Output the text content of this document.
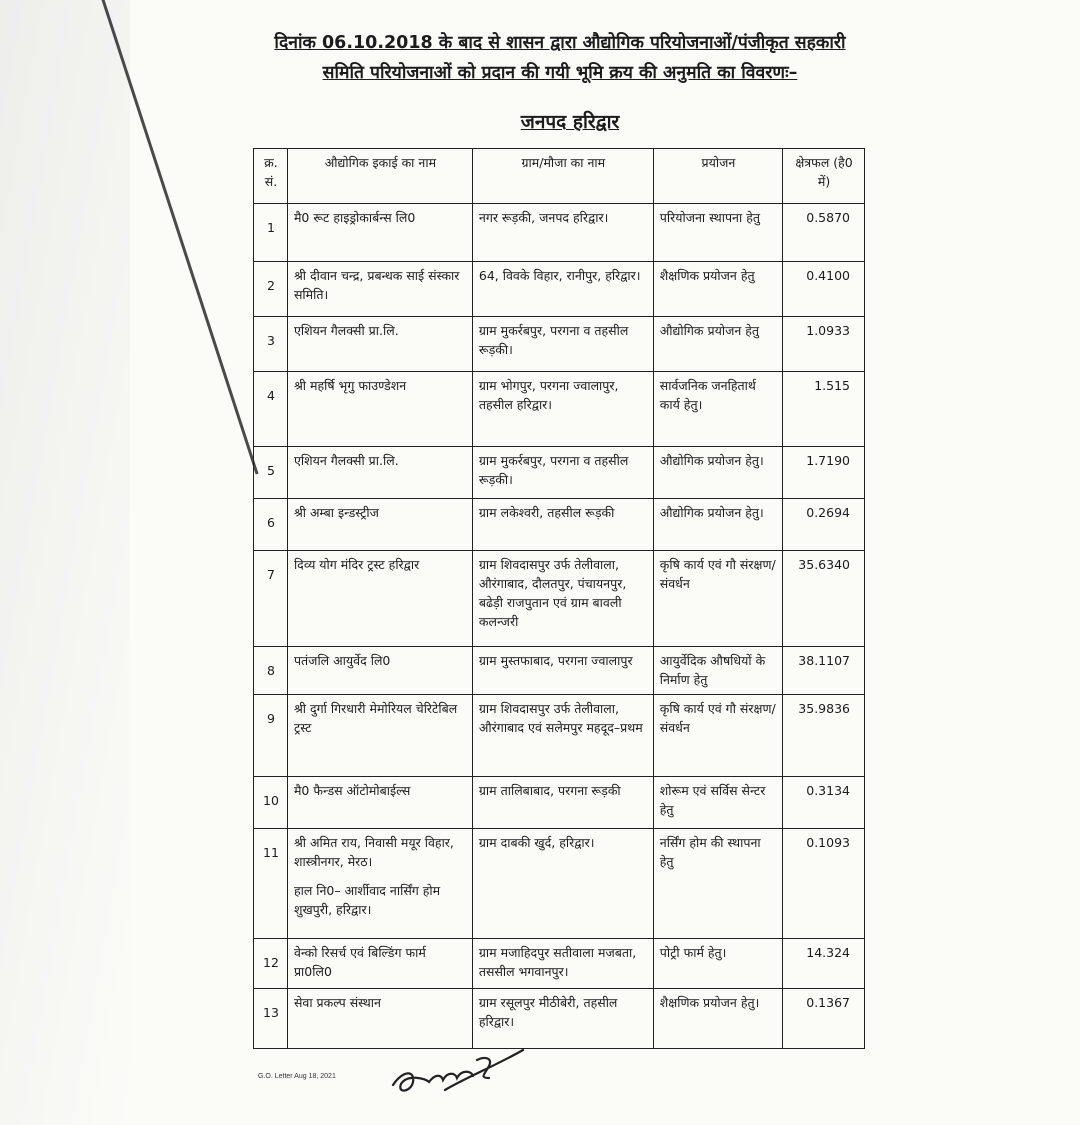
दिनांक 06.10.2018 के बाद से शासन द्वारा औद्योगिक परियोजनाओं/पंजीकृत सहकारी
समिति परियोजनाओं को प्रदान की गयी भूमि क्रय की अनुमति का विवरणः–
जनपद हरिद्वार
क्र. सं.	औद्योगिक इकाई का नाम	ग्राम/मौजा का नाम	प्रयोजन	क्षेत्रफल (है0 में)
1	मै0 रूट हाइड्रोकार्बन्स लि0	नगर रूड़की, जनपद हरिद्वार।	परियोजना स्थापना हेतु	0.5870
2	श्री दीवान चन्द्र, प्रबन्धक साई संस्कार समिति।	64, विवके विहार, रानीपुर, हरिद्वार।	शैक्षणिक प्रयोजन हेतु	0.4100
3	एशियन गैलक्सी प्रा.लि.	ग्राम मुकर्रबपुर, परगना व तहसील रूड़की।	औद्योगिक प्रयोजन हेतु	1.0933
4	श्री महर्षि भृगु फाउण्डेशन	ग्राम भोगपुर, परगना ज्वालापुर, तहसील हरिद्वार।	सार्वजनिक जनहितार्थ कार्य हेतु।	1.515
5	एशियन गैलक्सी प्रा.लि.	ग्राम मुकर्रबपुर, परगना व तहसील रूड़की।	औद्योगिक प्रयोजन हेतु।	1.7190
6	श्री अम्बा इन्डस्ट्रीज	ग्राम लकेश्वरी, तहसील रूड़की	औद्योगिक प्रयोजन हेतु।	0.2694
7	दिव्य योग मंदिर ट्रस्ट हरिद्वार	ग्राम शिवदासपुर उर्फ तेलीवाला, औरंगाबाद, दौलतपुर, पंचायनपुर, बढेड़ी राजपुतान एवं ग्राम बावली कलन्जरी	कृषि कार्य एवं गौ संरक्षण/संवर्धन	35.6340
8	पतंजलि आयुर्वेद लि0	ग्राम मुस्तफाबाद, परगना ज्वालापुर	आयुर्वेदिक औषधियों के निर्माण हेतु	38.1107
9	श्री दुर्गा गिरधारी मेमोरियल चेरिटेबिल ट्रस्ट	ग्राम शिवदासपुर उर्फ तेलीवाला, औरंगाबाद एवं सलेमपुर महदूद–प्रथम	कृषि कार्य एवं गौ संरक्षण/संवर्धन	35.9836
10	मै0 फैन्डस ऑटोमोबाईल्स	ग्राम तालिबाबाद, परगना रूड़की	शोरूम एवं सर्विस सेन्टर हेतु	0.3134
11	श्री अमित राय, निवासी मयूर विहार, शास्त्रीनगर, मेरठ।
हाल नि0– आर्शीवाद नार्सिंग होम शुखपुरी, हरिद्वार।	ग्राम दाबकी खुर्द, हरिद्वार।	नर्सिंग होम की स्थापना हेतु	0.1093
12	वेन्को रिसर्च एवं बिल्डिंग फार्म प्रा0लि0	ग्राम मजाहिदपुर सतीवाला मजबता, तससील भगवानपुर।	पोट्री फार्म हेतु।	14.324
13	सेवा प्रकल्प संस्थान	ग्राम रसूलपुर मीठीबेरी, तहसील हरिद्वार।	शैक्षणिक प्रयोजन हेतु।	0.1367
G.O. Letter Aug 18, 2021
